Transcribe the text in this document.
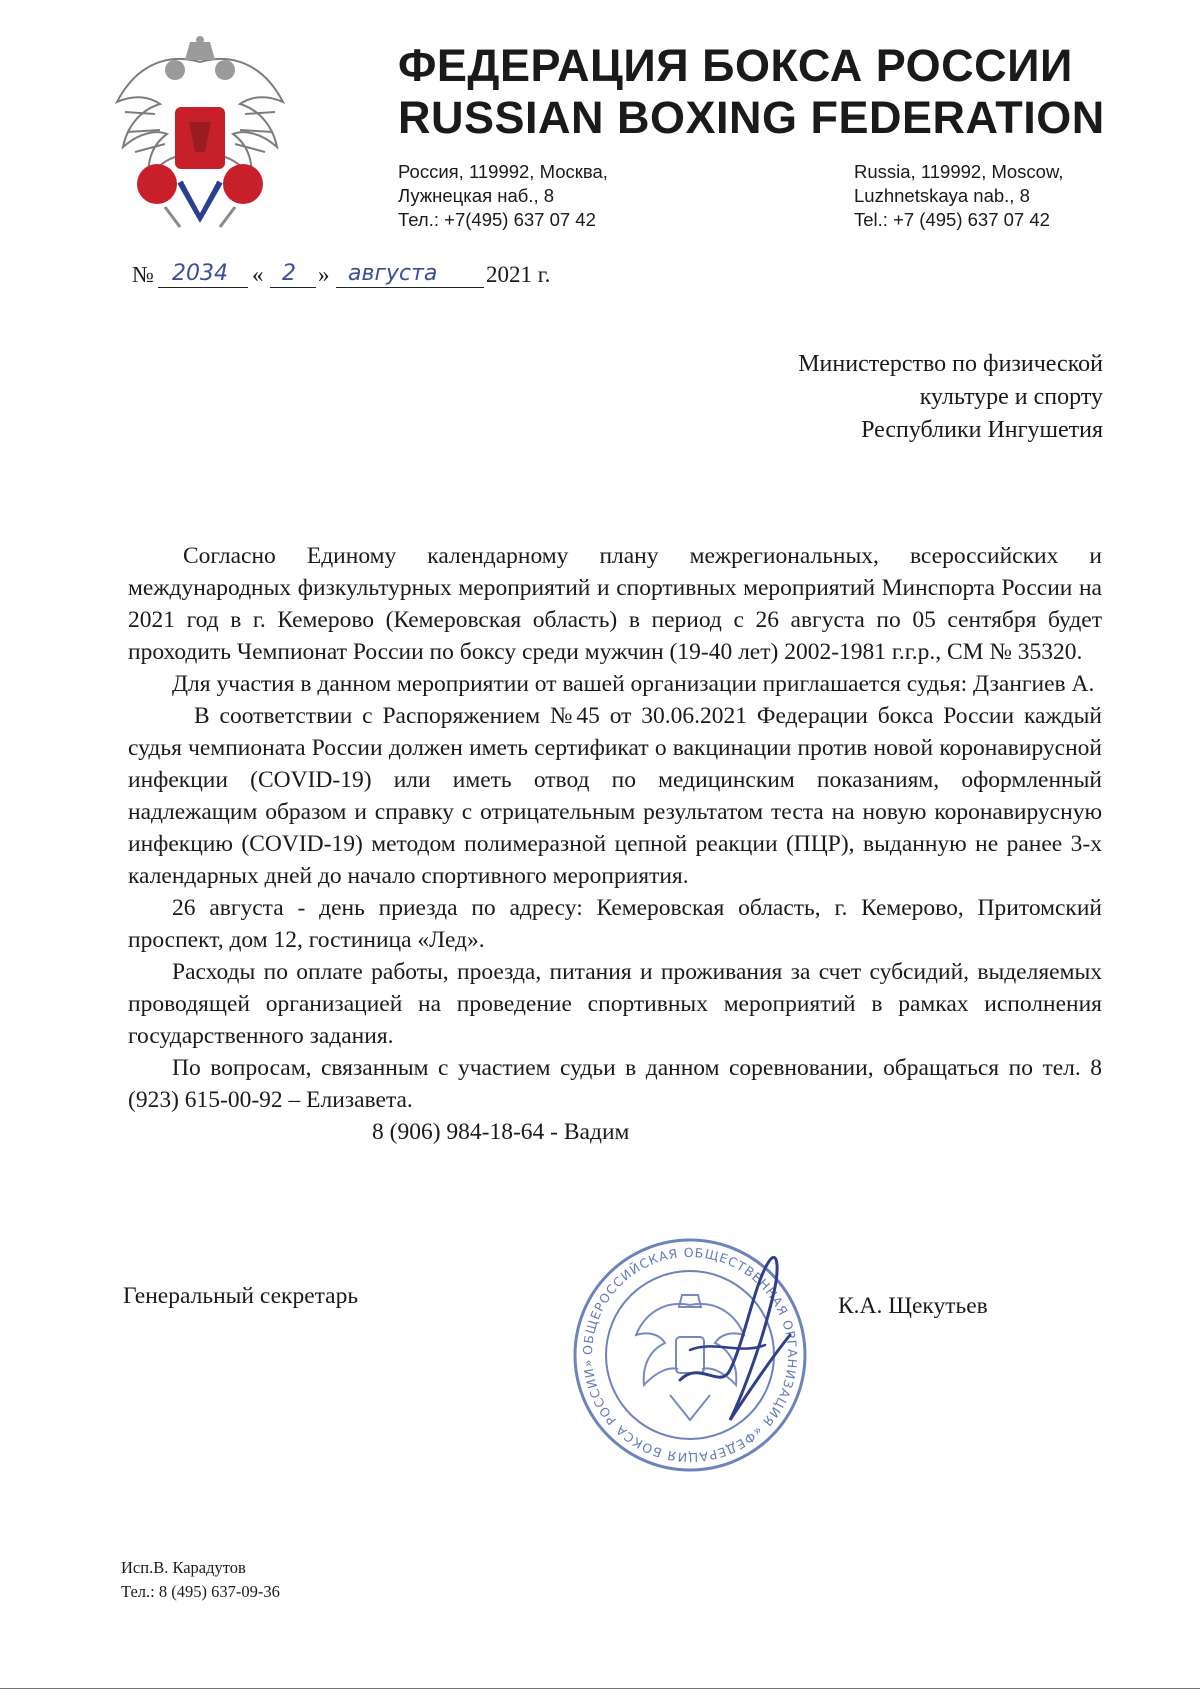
ФЕДЕРАЦИЯ БОКСА РОССИИ
RUSSIAN BOXING FEDERATION
Россия, 119992, Москва,
Лужнецкая наб., 8
Тел.: +7(495) 637 07 42
Russia, 119992, Moscow,
Luzhnetskaya nab., 8
Tel.: +7 (495) 637 07 42
№ 2034 « 2 » августа 2021 г.
Министерство по физической
культуре и спорту
Республики Ингушетия

Согласно Единому календарному плану межрегиональных, всероссийских и международных физкультурных мероприятий и спортивных мероприятий Минспорта России на 2021 год в г. Кемерово (Кемеровская область) в период с 26 августа по 05 сентября будет проходить Чемпионат России по боксу среди мужчин (19-40 лет) 2002-1981 г.г.р., СМ № 35320.

Для участия в данном мероприятии от вашей организации приглашается судья: Дзангиев А.

В соответствии с Распоряжением №45 от 30.06.2021 Федерации бокса России каждый судья чемпионата России должен иметь сертификат о вакцинации против новой коронавирусной инфекции (COVID-19) или иметь отвод по медицинским показаниям, оформленный надлежащим образом и справку с отрицательным результатом теста на новую коронавирусную инфекцию (COVID-19) методом полимеразной цепной реакции (ПЦР), выданную не ранее 3-х календарных дней до начало спортивного мероприятия.

26 августа - день приезда по адресу: Кемеровская область, г. Кемерово, Притомский проспект, дом 12, гостиница «Лед».

Расходы по оплате работы, проезда, питания и проживания за счет субсидий, выделяемых проводящей организацией на проведение спортивных мероприятий в рамках исполнения государственного задания.

По вопросам, связанным с участием судьи в данном соревновании, обращаться по тел. 8 (923) 615-00-92 – Елизавета.

8 (906) 984-18-64 - Вадим

Генеральный секретарь	К.А. Щекутьев
ОБЩЕРОССИЙСКАЯ ОБЩЕСТВЕННАЯ ОРГАНИЗАЦИЯ «ФЕДЕРАЦИЯ БОКСА РОССИИ»
Исп.В. Карадутов
Тел.: 8 (495) 637-09-36
